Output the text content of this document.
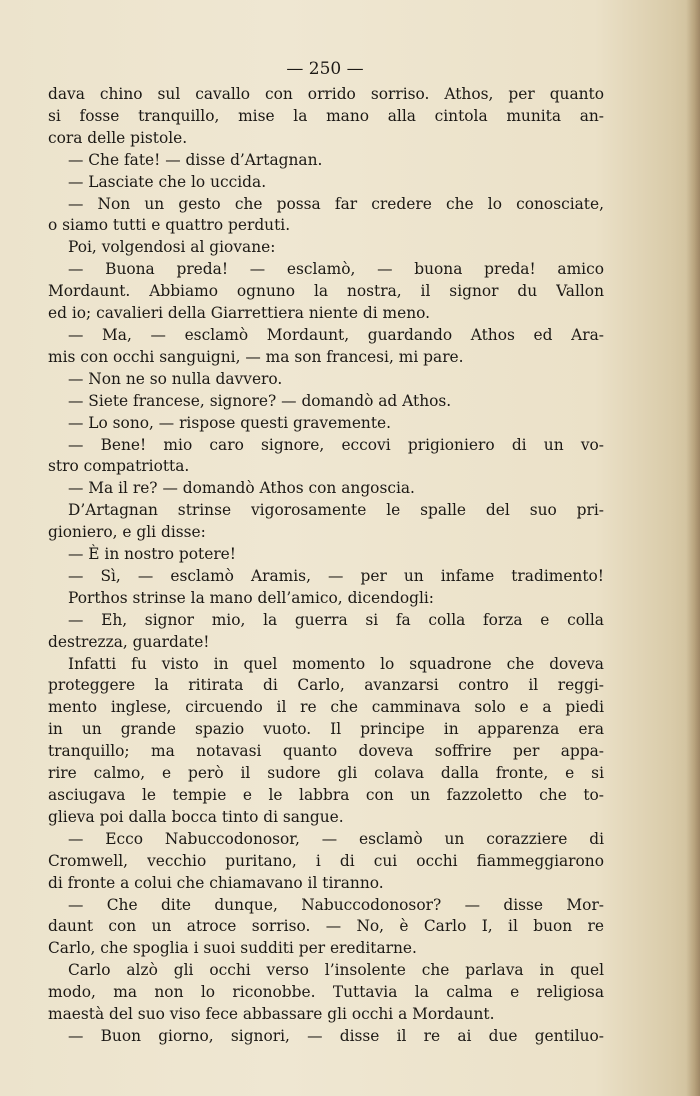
— 250 —

dava chino sul cavallo con orrido sorriso. Athos, per quanto

si fosse tranquillo, mise la mano alla cintola munita an-

cora delle pistole.

— Che fate! — disse d’Artagnan.

— Lasciate che lo uccida.

— Non un gesto che possa far credere che lo conosciate,

o siamo tutti e quattro perduti.

Poi, volgendosi al giovane:

— Buona preda! — esclamò, — buona preda! amico

Mordaunt. Abbiamo ognuno la nostra, il signor du Vallon

ed io; cavalieri della Giarrettiera niente di meno.

— Ma, — esclamò Mordaunt, guardando Athos ed Ara-

mis con occhi sanguigni, — ma son francesi, mi pare.

— Non ne so nulla davvero.

— Siete francese, signore? — domandò ad Athos.

— Lo sono, — rispose questi gravemente.

— Bene! mio caro signore, eccovi prigioniero di un vo-

stro compatriotta.

— Ma il re? — domandò Athos con angoscia.

D’Artagnan strinse vigorosamente le spalle del suo pri-

gioniero, e gli disse:

— È in nostro potere!

— Sì, — esclamò Aramis, — per un infame tradimento!

Porthos strinse la mano dell’amico, dicendogli:

— Eh, signor mio, la guerra si fa colla forza e colla

destrezza, guardate!

Infatti fu visto in quel momento lo squadrone che doveva

proteggere la ritirata di Carlo, avanzarsi contro il reggi-

mento inglese, circuendo il re che camminava solo e a piedi

in un grande spazio vuoto. Il principe in apparenza era

tranquillo; ma notavasi quanto doveva soffrire per appa-

rire calmo, e però il sudore gli colava dalla fronte, e si

asciugava le tempie e le labbra con un fazzoletto che to-

glieva poi dalla bocca tinto di sangue.

— Ecco Nabuccodonosor, — esclamò un corazziere di

Cromwell, vecchio puritano, i di cui occhi fiammeggiarono

di fronte a colui che chiamavano il tiranno.

— Che dite dunque, Nabuccodonosor? — disse Mor-

daunt con un atroce sorriso. — No, è Carlo I, il buon re

Carlo, che spoglia i suoi sudditi per ereditarne.

Carlo alzò gli occhi verso l’insolente che parlava in quel

modo, ma non lo riconobbe. Tuttavia la calma e religiosa

maestà del suo viso fece abbassare gli occhi a Mordaunt.

— Buon giorno, signori, — disse il re ai due gentiluo-
